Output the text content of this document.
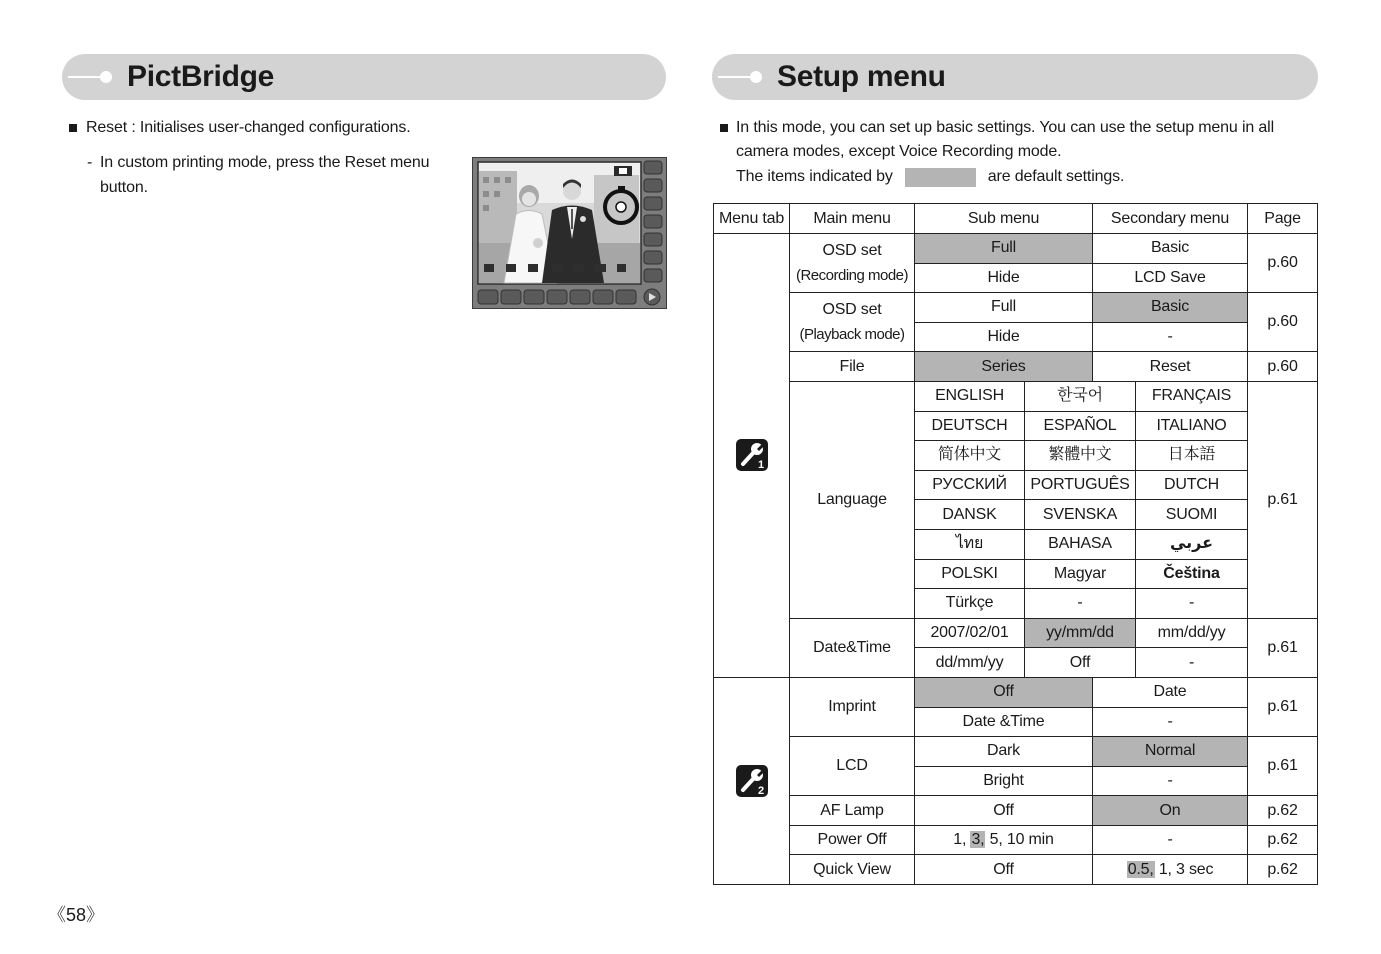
PictBridge
Reset : Initialises user-changed configurations.
- In custom printing mode, press the Reset menu
button.
Setup menu
In this mode, you can set up basic settings. You can use the setup menu in all
camera modes, except Voice Recording mode.
The items indicated by	are default settings.
Menu tab	Main menu	Sub menu		Secondary menu		Page

1	OSD set
(Recording mode)	Full		Basic		p.60
		Hide		LCD Save		

	OSD set
(Playback mode)	Full		Basic		p.60
		Hide		-		
	File	Series		Reset		p.60
	Language	ENGLISH	한국어		FRANÇAIS	p.61
		DEUTSCH	ESPAÑOL		ITALIANO	
		简体中文	繁體中文		日本語	
		РУССКИЙ	PORTUGUÊS		DUTCH	
		DANSK	SVENSKA		SUOMI	
		ไทย	BAHASA		عربي	
		POLSKI	Magyar		Čeština	
		Türkçe	-		-	
	Date&Time	2007/02/01	yy/mm/dd		mm/dd/yy	p.61
		dd/mm/yy	Off		-	

2	Imprint	Off		Date		p.61
		Date &Time		-		
	LCD	Dark		Normal		p.61
		Bright		-		
	AF Lamp	Off		On		p.62
	Power Off	1, 3, 5, 10 min		-		p.62
	Quick View	Off		0.5, 1, 3 sec		p.62
《58》
